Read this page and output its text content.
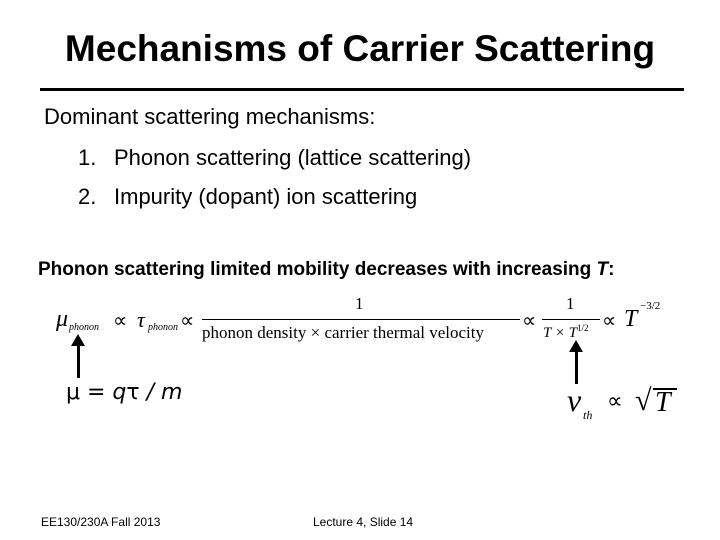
Mechanisms of Carrier Scattering
Dominant scattering mechanisms:
1. Phonon scattering (lattice scattering)
2. Impurity (dopant) ion scattering
Phonon scattering limited mobility decreases with increasing T:
μ phonon ∝ τ phonon ∝
1
phonon density × carrier thermal velocity
∝
1
$T \times T^{1/2} \propto T -3/2$
μ = qτ / m	v th
∝ √ T
EE130/230A Fall 2013	Lecture 4, Slide 14
